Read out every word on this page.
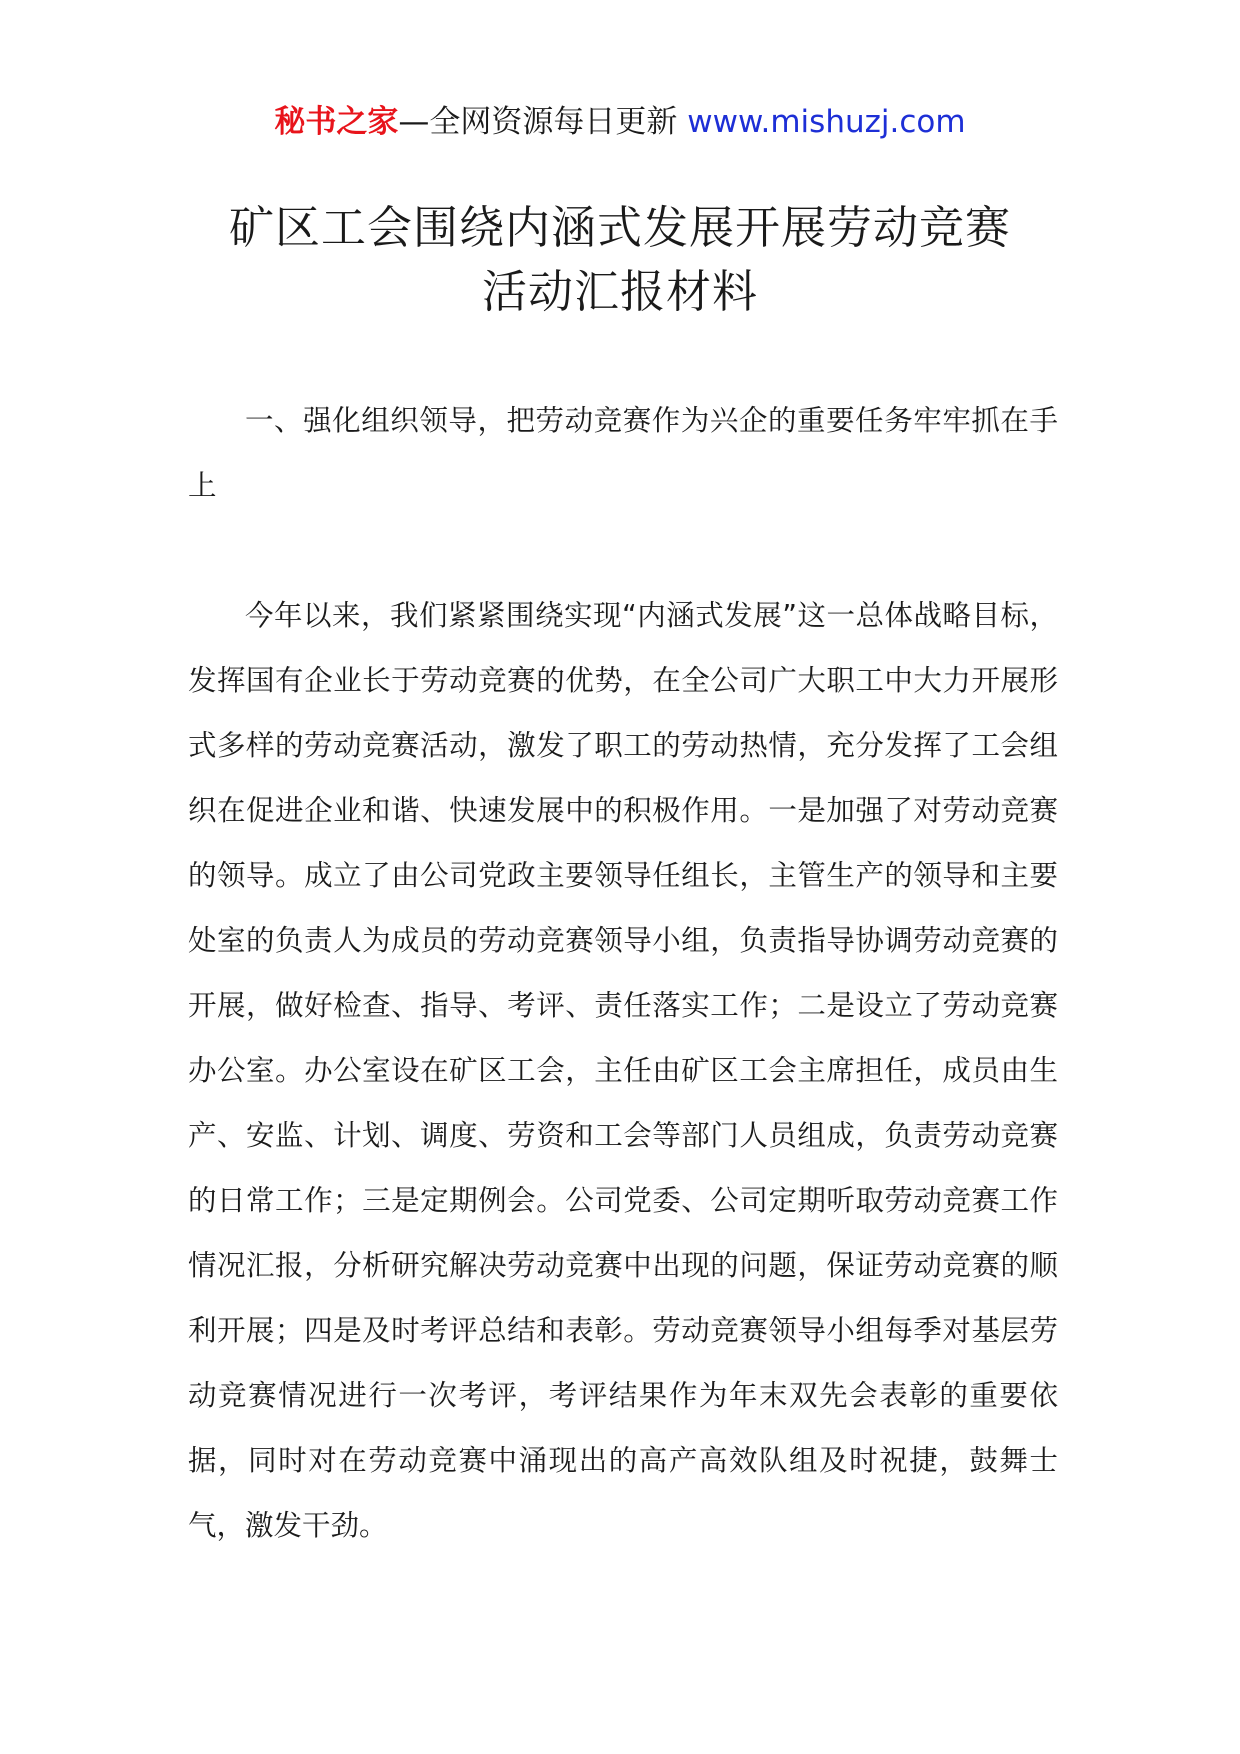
秘书之家—全网资源每日更新 www.mishuzj.com
矿区工会围绕内涵式发展开展劳动竞赛
活动汇报材料

一、强化组织领导，把劳动竞赛作为兴企的重要任务牢牢抓在手上

今年以来，我们紧紧围绕实现“内涵式发展”这一总体战略目标，发挥国有企业长于劳动竞赛的优势，在全公司广大职工中大力开展形式多样的劳动竞赛活动，激发了职工的劳动热情，充分发挥了工会组织在促进企业和谐、快速发展中的积极作用。一是加强了对劳动竞赛的领导。成立了由公司党政主要领导任组长，主管生产的领导和主要处室的负责人为成员的劳动竞赛领导小组，负责指导协调劳动竞赛的开展，做好检查、指导、考评、责任落实工作；二是设立了劳动竞赛办公室。办公室设在矿区工会，主任由矿区工会主席担任，成员由生产、安监、计划、调度、劳资和工会等部门人员组成，负责劳动竞赛的日常工作；三是定期例会。公司党委、公司定期听取劳动竞赛工作情况汇报，分析研究解决劳动竞赛中出现的问题，保证劳动竞赛的顺利开展；四是及时考评总结和表彰。劳动竞赛领导小组每季对基层劳动竞赛情况进行一次考评，考评结果作为年末双先会表彰的重要依据，同时对在劳动竞赛中涌现出的高产高效队组及时祝捷，鼓舞士气，激发干劲。
